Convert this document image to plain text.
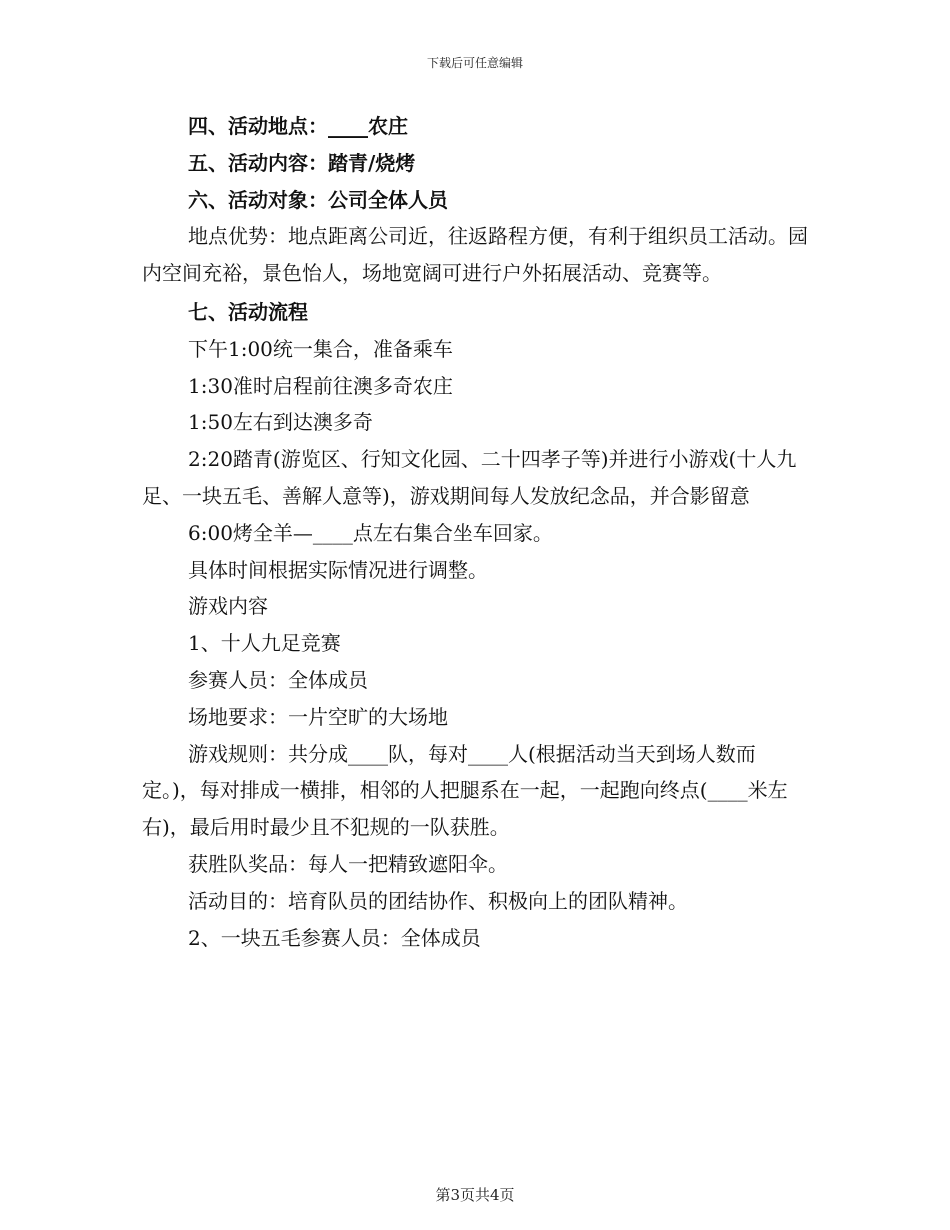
下载后可任意编辑

四、活动地点：____农庄

五、活动内容：踏青/烧烤

六、活动对象：公司全体人员

地点优势：地点距离公司近，往返路程方便，有利于组织员工活动。园内空间充裕，景色怡人，场地宽阔可进行户外拓展活动、竞赛等。

七、活动流程

下午1:00统一集合，准备乘车

1:30准时启程前往澳多奇农庄

1:50左右到达澳多奇

2:20踏青(游览区、行知文化园、二十四孝子等)并进行小游戏(十人九足、一块五毛、善解人意等)，游戏期间每人发放纪念品，并合影留意

6:00烤全羊—____点左右集合坐车回家。

具体时间根据实际情况进行调整。

游戏内容

1、十人九足竞赛

参赛人员：全体成员

场地要求：一片空旷的大场地

游戏规则：共分成____队，每对____人(根据活动当天到场人数而定。)，每对排成一横排，相邻的人把腿系在一起，一起跑向终点(____米左右)，最后用时最少且不犯规的一队获胜。

获胜队奖品：每人一把精致遮阳伞。

活动目的：培育队员的团结协作、积极向上的团队精神。

2、一块五毛参赛人员：全体成员

第3页共4页
